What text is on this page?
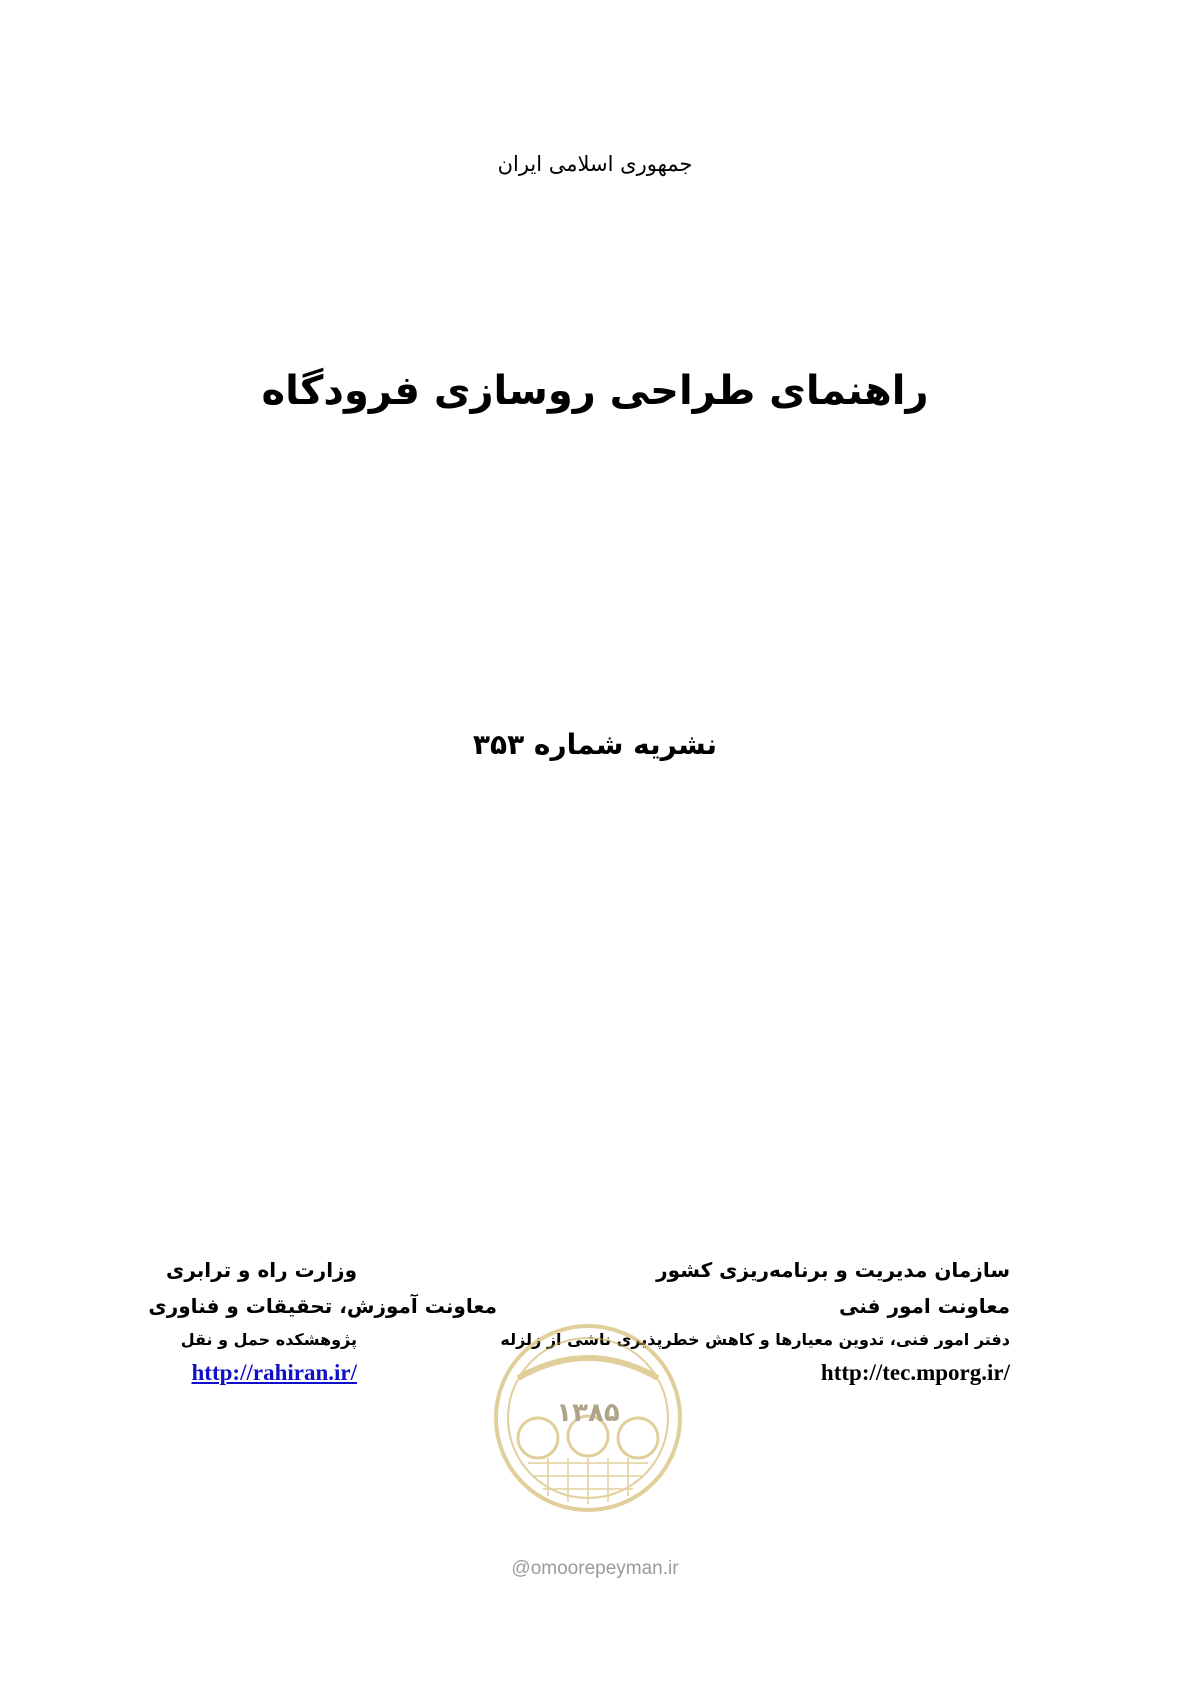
جمهوری اسلامی ایران
راهنمای طراحی روسازی فرودگاه
نشریه شماره ۳۵۳
سازمان مدیریت و برنامه‌ریزی کشور
معاونت امور فنی
دفتر امور فنی، تدوین معیارها و کاهش خطرپذیری ناشی از زلزله
http://tec.mporg.ir/
وزارت راه و ترابری
معاونت آموزش، تحقیقات و فناوری
پژوهشکده حمل و نقل
http://rahiran.ir/
۱۳۸۵
@omoorepeyman.ir
